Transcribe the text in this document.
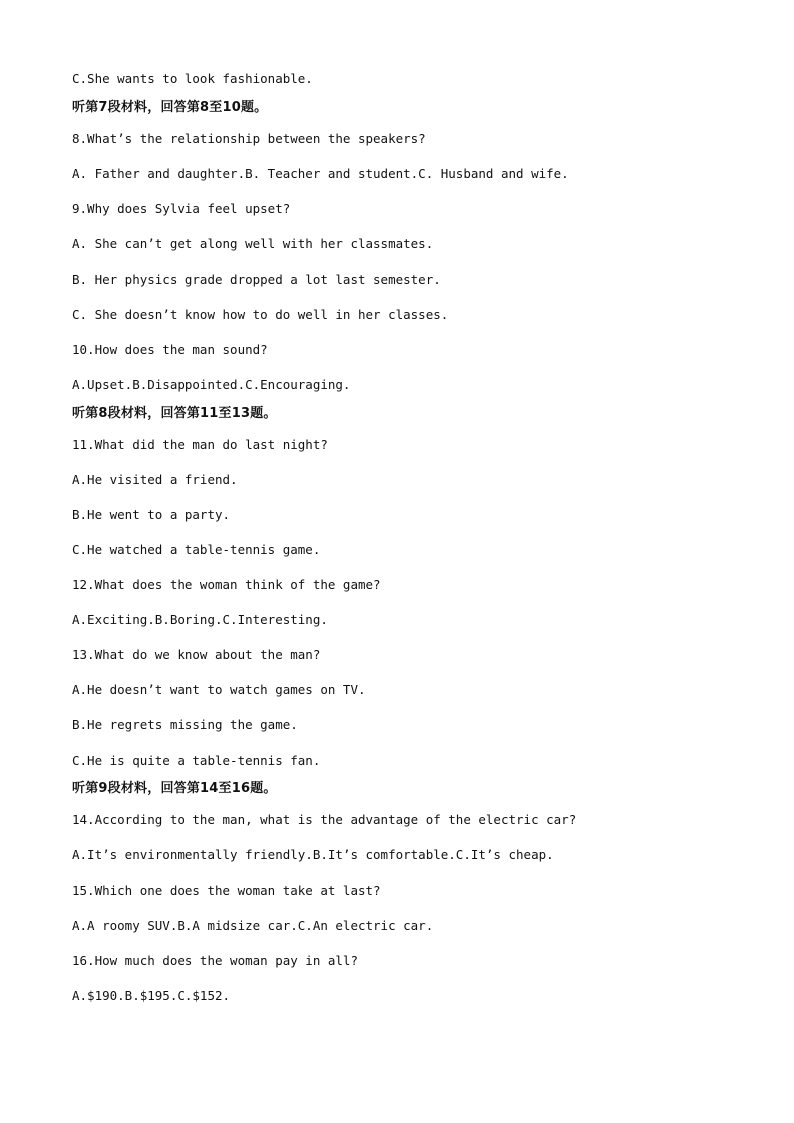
C.She wants to look fashionable.
听第7段材料，回答第8至10题。
8.What’s the relationship between the speakers?
A. Father and daughter.B. Teacher and student.C. Husband and wife.
9.Why does Sylvia feel upset?
A. She can’t get along well with her classmates.
B. Her physics grade dropped a lot last semester.
C. She doesn’t know how to do well in her classes.
10.How does the man sound?
A.Upset.B.Disappointed.C.Encouraging.
听第8段材料，回答第11至13题。
11.What did the man do last night?
A.He visited a friend.
B.He went to a party.
C.He watched a table-tennis game.
12.What does the woman think of the game?
A.Exciting.B.Boring.C.Interesting.
13.What do we know about the man?
A.He doesn’t want to watch games on TV.
B.He regrets missing the game.
C.He is quite a table-tennis fan.
听第9段材料，回答第14至16题。
14.According to the man, what is the advantage of the electric car?
A.It’s environmentally friendly.B.It’s comfortable.C.It’s cheap.
15.Which one does the woman take at last?
A.A roomy SUV.B.A midsize car.C.An electric car.
16.How much does the woman pay in all?
A.$190.B.$195.C.$152.
